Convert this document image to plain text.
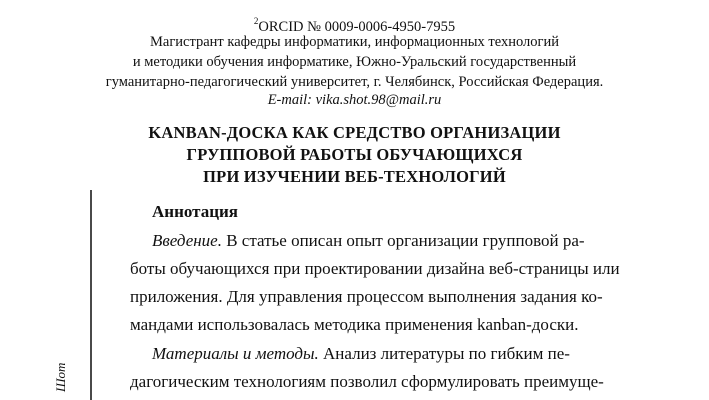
$^2$ORCID № 0009-0006-4950-7955
Магистрант кафедры информатики, информационных технологий
и методики обучения информатике, Южно-Уральский государственный
гуманитарно-педагогический университет, г. Челябинск, Российская Федерация.
E-mail: vika.shot.98@mail.ru
KANBAN-ДОСКА КАК СРЕДСТВО ОРГАНИЗАЦИИ
ГРУППОВОЙ РАБОТЫ ОБУЧАЮЩИХСЯ
ПРИ ИЗУЧЕНИИ ВЕБ-ТЕХНОЛОГИЙ
Шот
Аннотация
Введение. В статье описан опыт организации групповой ра-
боты обучающихся при проектировании дизайна веб-страницы или
приложения. Для управления процессом выполнения задания ко-
мандами использовалась методика применения kanban-доски.
Материалы и методы. Анализ литературы по гибким пе-
дагогическим технологиям позволил сформулировать преимуще-
